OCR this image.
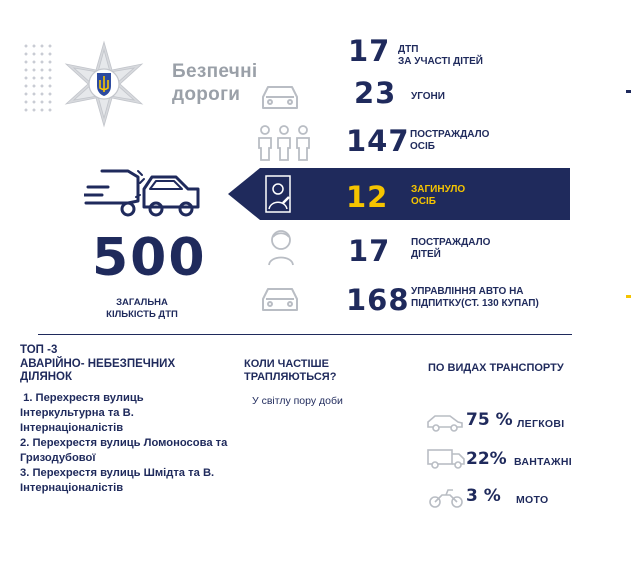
Безпечні
дороги
500
ЗАГАЛЬНА
КІЛЬКІСТЬ ДТП
17 ДТП
ЗА УЧАСТІ ДІТЕЙ
23 УГОНИ
147 ПОСТРАЖДАЛО
ОСІБ
12 ЗАГИНУЛО
ОСІБ
17 ПОСТРАЖДАЛО
ДІТЕЙ
168 УПРАВЛІННЯ АВТО НА
ПІДПИТКУ(СТ. 130 КУПАП)
ТОП -3
АВАРІЙНО- НЕБЕЗПЕЧНИХ
ДІЛЯНОК
1. Перехрестя вулиць Інтеркультурна та В. Інтернаціоналістів
2. Перехрестя вулиць Ломоносова та Гризодубової
3. Перехрестя вулиць Шмідта та В. Інтернаціоналістів
КОЛИ ЧАСТІШЕ
ТРАПЛЯЮТЬСЯ?
У світлу пору доби
ПО ВИДАХ ТРАНСПОРТУ
75 % ЛЕГКОВІ
22% ВАНТАЖНІ
3 % МОТО
